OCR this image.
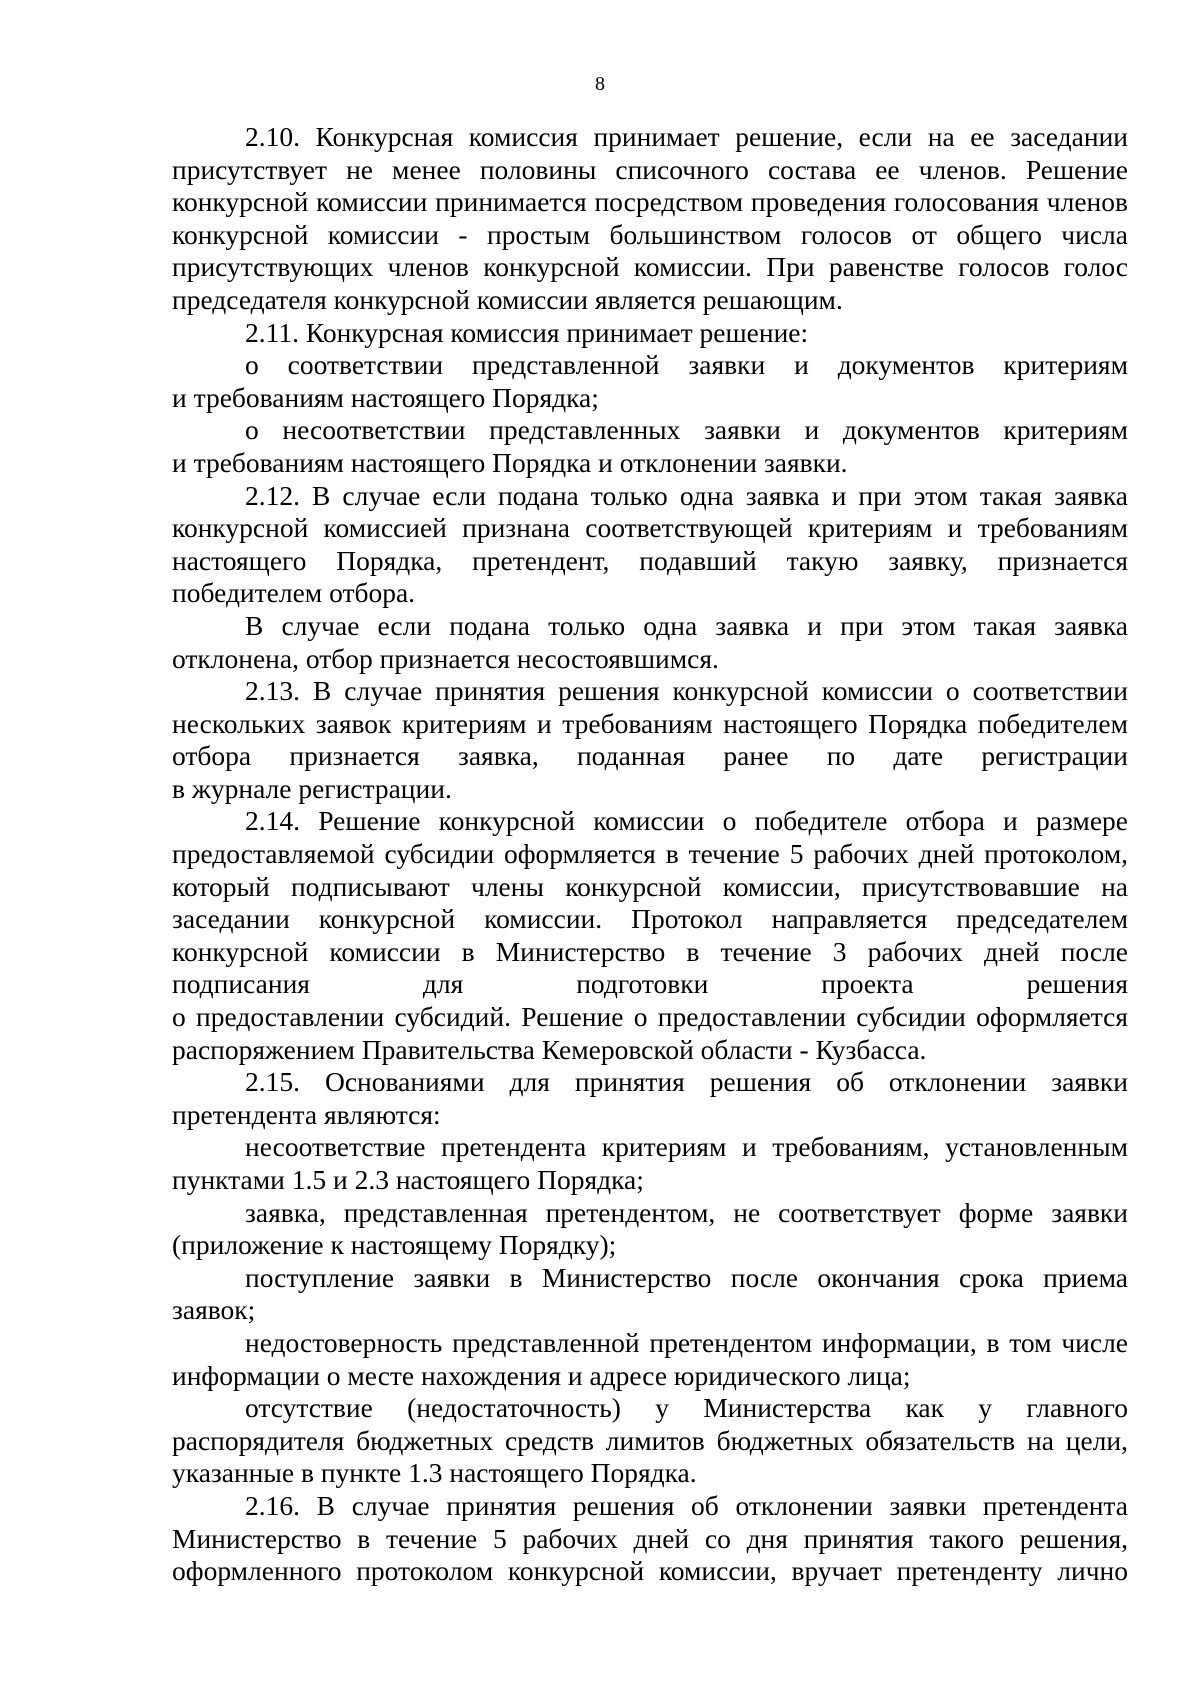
8

2.10. Конкурсная комиссия принимает решение, если на ее заседании присутствует не менее половины списочного состава ее членов. Решение конкурсной комиссии принимается посредством проведения голосования членов конкурсной комиссии - простым большинством голосов от общего числа присутствующих членов конкурсной комиссии. При равенстве голосов голос председателя конкурсной комиссии является решающим.

2.11. Конкурсная комиссия принимает решение:

о соответствии представленной заявки и документов критериям

и требованиям настоящего Порядка;

о несоответствии представленных заявки и документов критериям

и требованиям настоящего Порядка и отклонении заявки.

2.12. В случае если подана только одна заявка и при этом такая заявка конкурсной комиссией признана соответствующей критериям и требованиям настоящего Порядка, претендент, подавший такую заявку, признается победителем отбора.

В случае если подана только одна заявка и при этом такая заявка отклонена, отбор признается несостоявшимся.

2.13. В случае принятия решения конкурсной комиссии о соответствии нескольких заявок критериям и требованиям настоящего Порядка победителем отбора признается заявка, поданная ранее по дате регистрации

в журнале регистрации.

2.14. Решение конкурсной комиссии о победителе отбора и размере предоставляемой субсидии оформляется в течение 5 рабочих дней протоколом, который подписывают члены конкурсной комиссии, присутствовавшие на заседании конкурсной комиссии. Протокол направляется председателем конкурсной комиссии в Министерство в течение 3 рабочих дней после подписания для подготовки проекта решения

о предоставлении субсидий. Решение о предоставлении субсидии оформляется распоряжением Правительства Кемеровской области - Кузбасса.

2.15. Основаниями для принятия решения об отклонении заявки претендента являются:

несоответствие претендента критериям и требованиям, установленным пунктами 1.5 и 2.3 настоящего Порядка;

заявка, представленная претендентом, не соответствует форме заявки (приложение к настоящему Порядку);

поступление заявки в Министерство после окончания срока приема заявок;

недостоверность представленной претендентом информации, в том числе информации о месте нахождения и адресе юридического лица;

отсутствие (недостаточность) у Министерства как у главного распорядителя бюджетных средств лимитов бюджетных обязательств на цели, указанные в пункте 1.3 настоящего Порядка.

2.16. В случае принятия решения об отклонении заявки претендента Министерство в течение 5 рабочих дней со дня принятия такого решения, оформленного протоколом конкурсной комиссии, вручает претенденту лично
